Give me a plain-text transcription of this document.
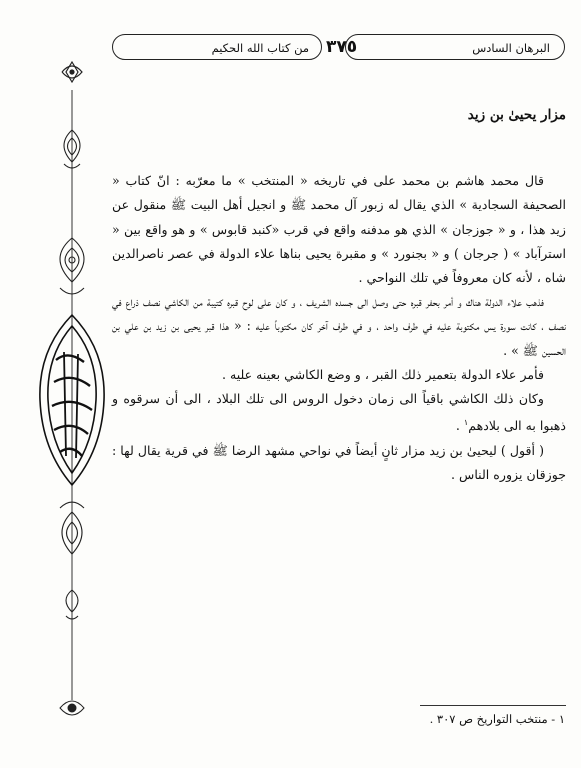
البرهان السادس
٣٧٥
من كتاب الله الحكيم
مزار يحيىٰ بن زيد

قال محمد هاشم بن محمد على في تاريخه « المنتخب » ما معرّبه : انّ كتاب « الصحيفة السجادية » الذي يقال له زبور آل محمد ﷺ و انجيل أهل البيت ﷺ منقول عن زيد هذا ، و « جوزجان » الذي هو مدفنه واقع في قرب «كنبد قابوس » و هو واقع بين « استرآباد » ( جرجان ) و « بجنورد » و مقبرة يحيى بناها علاء الدولة في عصر ناصرالدين شاه ، لأنه كان معروفاً في تلك النواحي .

فذهب علاء الدولة هناك و أمر بحفر قبره حتى وصل الى جسده الشريف ، و كان على لوح قبره كتيبة من الكاشي نصف ذراع في نصف ، كانت سورة يس مكتوبة عليه في طرف واحد ، و في طرف آخر كان مكتوباً عليه : « هذا قبر يحيى بن زيد بن علي بن الحسين ﷺ » .

فأمر علاء الدولة بتعمير ذلك القبر ، و وضع الكاشي بعينه عليه .

وكان ذلك الكاشي باقياً الى زمان دخول الروس الى تلك البلاد ، الى أن سرقوه و ذهبوا به الى بلادهم$^١$ .

( أقول ) ليحيىٰ بن زيد مزار ثانٍ أيضاً في نواحي مشهد الرضا ﷺ في قرية يقال لها : جوزقان يزوره الناس .

١ - منتخب التواريخ ص ٣٠٧ .
